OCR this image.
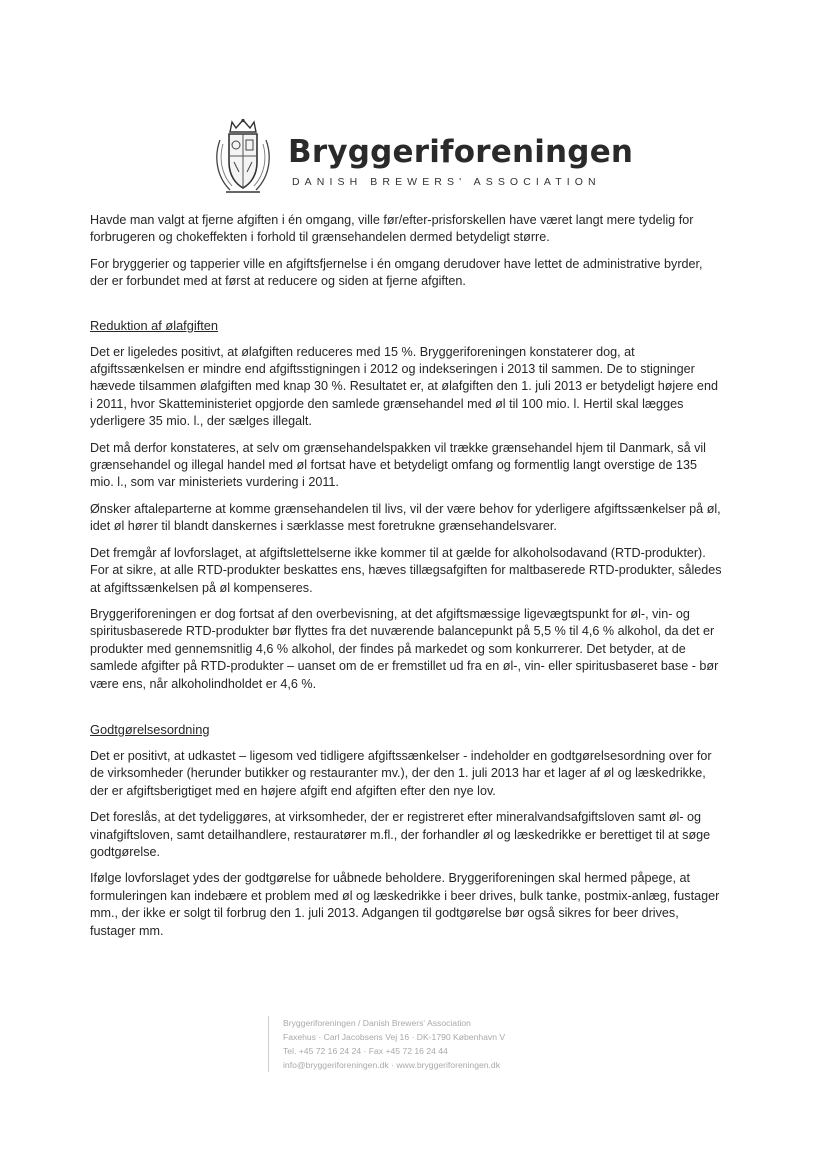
Bryggeriforeningen
DANISH BREWERS' ASSOCIATION

Havde man valgt at fjerne afgiften i én omgang, ville før/efter-prisforskellen have været langt mere tydelig for forbrugeren og chokeffekten i forhold til grænsehandelen dermed betydeligt større.

For bryggerier og tapperier ville en afgiftsfjernelse i én omgang derudover have lettet de administrative byrder, der er forbundet med at først at reducere og siden at fjerne afgiften.

Reduktion af ølafgiften

Det er ligeledes positivt, at ølafgiften reduceres med 15 %. Bryggeriforeningen konstaterer dog, at afgiftssænkelsen er mindre end afgiftsstigningen i 2012 og indekseringen i 2013 til sammen. De to stigninger hævede tilsammen ølafgiften med knap 30 %. Resultatet er, at ølafgiften den 1. juli 2013 er betydeligt højere end i 2011, hvor Skatteministeriet opgjorde den samlede grænsehandel med øl til 100 mio. l. Hertil skal lægges yderligere 35 mio. l., der sælges illegalt.

Det må derfor konstateres, at selv om grænsehandelspakken vil trække grænsehandel hjem til Danmark, så vil grænsehandel og illegal handel med øl fortsat have et betydeligt omfang og formentlig langt overstige de 135 mio. l., som var ministeriets vurdering i 2011.

Ønsker aftaleparterne at komme grænsehandelen til livs, vil der være behov for yderligere afgiftssænkelser på øl, idet øl hører til blandt danskernes i særklasse mest foretrukne grænsehandelsvarer.

Det fremgår af lovforslaget, at afgiftslettelserne ikke kommer til at gælde for alkoholsodavand (RTD-produkter). For at sikre, at alle RTD-produkter beskattes ens, hæves tillægsafgiften for maltbaserede RTD-produkter, således at afgiftssænkelsen på øl kompenseres.

Bryggeriforeningen er dog fortsat af den overbevisning, at det afgiftsmæssige ligevægtspunkt for øl-, vin- og spiritusbaserede RTD-produkter bør flyttes fra det nuværende balancepunkt på 5,5 % til 4,6 % alkohol, da det er produkter med gennemsnitlig 4,6 % alkohol, der findes på markedet og som konkurrerer. Det betyder, at de samlede afgifter på RTD-produkter – uanset om de er fremstillet ud fra en øl-, vin- eller spiritusbaseret base - bør være ens, når alkoholindholdet er 4,6 %.

Godtgørelsesordning

Det er positivt, at udkastet – ligesom ved tidligere afgiftssænkelser - indeholder en godtgørelsesordning over for de virksomheder (herunder butikker og restauranter mv.), der den 1. juli 2013 har et lager af øl og læskedrikke, der er afgiftsberigtiget med en højere afgift end afgiften efter den nye lov.

Det foreslås, at det tydeliggøres, at virksomheder, der er registreret efter mineralvandsafgiftsloven samt øl- og vinafgiftsloven, samt detailhandlere, restauratører m.fl., der forhandler øl og læskedrikke er berettiget til at søge godtgørelse.

Ifølge lovforslaget ydes der godtgørelse for uåbnede beholdere. Bryggeriforeningen skal hermed påpege, at formuleringen kan indebære et problem med øl og læskedrikke i beer drives, bulk tanke, postmix-anlæg, fustager mm., der ikke er solgt til forbrug den 1. juli 2013. Adgangen til godtgørelse bør også sikres for beer drives, fustager mm.

Bryggeriforeningen / Danish Brewers' Association
Faxehus · Carl Jacobsens Vej 16 · DK-1790 København V
Tel. +45 72 16 24 24 · Fax +45 72 16 24 44
info@bryggeriforeningen.dk · www.bryggeriforeningen.dk
